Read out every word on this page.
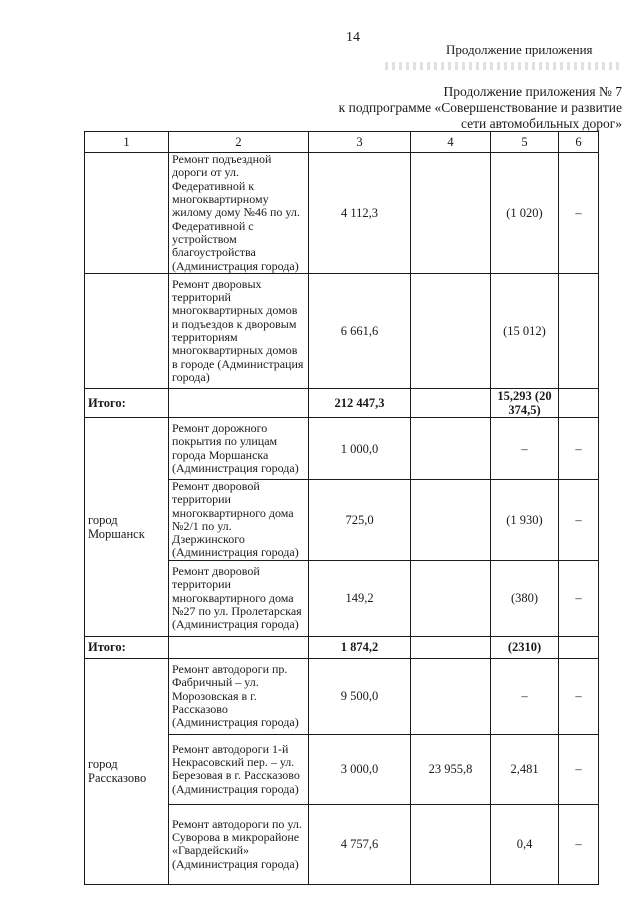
14
Продолжение приложения
Продолжение приложения № 7
к подпрограмме «Совершенствование и развитие
сети автомобильных дорог»
1	2	3	4	5	6
	Ремонт подъездной дороги от ул. Федеративной к многоквартирному жилому дому №46 по ул. Федеративной с устройством благоустройства (Администрация города)	4 112,3		(1 020)	–
	Ремонт дворовых территорий многоквартирных домов и подъездов к дворовым территориям многоквартирных домов в городе (Администрация города)	6 661,6		(15 012)	
Итого:		212 447,3		15,293 (20 374,5)	
город Моршанск	Ремонт дорожного покрытия по улицам города Моршанска (Администрация города)	1 000,0		–	–
	Ремонт дворовой территории многоквартирного дома №2/1 по ул. Дзержинского (Администрация города)	725,0		(1 930)	–
	Ремонт дворовой территории многоквартирного дома №27 по ул. Пролетарская (Администрация города)	149,2		(380)	–
Итого:		1 874,2		(2310)	
город Рассказово	Ремонт автодороги пр. Фабричный – ул. Морозовская в г. Рассказово (Администрация города)	9 500,0		–	–
	Ремонт автодороги 1-й Некрасовский пер. – ул. Березовая в г. Рассказово (Администрация города)	3 000,0	23 955,8	2,481	–
	Ремонт автодороги по ул. Суворова в микрорайоне «Гвардейский» (Администрация города)	4 757,6		0,4	–
